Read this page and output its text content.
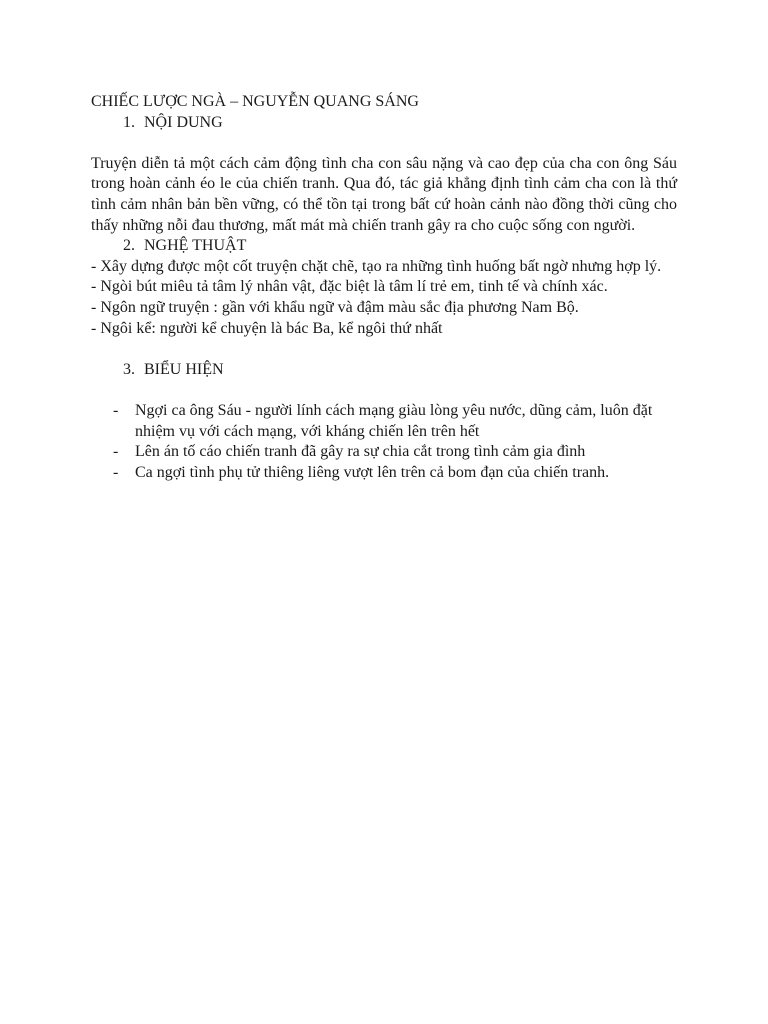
CHIẾC LƯỢC NGÀ – NGUYỄN QUANG SÁNG
1. NỘI DUNG

Truyện diễn tả một cách cảm động tình cha con sâu nặng và cao đẹp của cha con ông Sáu trong hoàn cảnh éo le của chiến tranh. Qua đó, tác giả khẳng định tình cảm cha con là thứ tình cảm nhân bản bền vững, có thể tồn tại trong bất cứ hoàn cảnh nào đồng thời cũng cho thấy những nỗi đau thương, mất mát mà chiến tranh gây ra cho cuộc sống con người.

2. NGHỆ THUẬT

- Xây dựng được một cốt truyện chặt chẽ, tạo ra những tình huống bất ngờ nhưng hợp lý.

- Ngòi bút miêu tả tâm lý nhân vật, đặc biệt là tâm lí trẻ em, tinh tế và chính xác.

- Ngôn ngữ truyện : gần với khẩu ngữ và đậm màu sắc địa phương Nam Bộ.

- Ngôi kể: người kể chuyện là bác Ba, kể ngôi thứ nhất

3. BIỂU HIỆN
-	Ngợi ca ông Sáu - người lính cách mạng giàu lòng yêu nước, dũng cảm, luôn đặt nhiệm vụ với cách mạng, với kháng chiến lên trên hết
-	Lên án tố cáo chiến tranh đã gây ra sự chia cắt trong tình cảm gia đình
-	Ca ngợi tình phụ tử thiêng liêng vượt lên trên cả bom đạn của chiến tranh.
